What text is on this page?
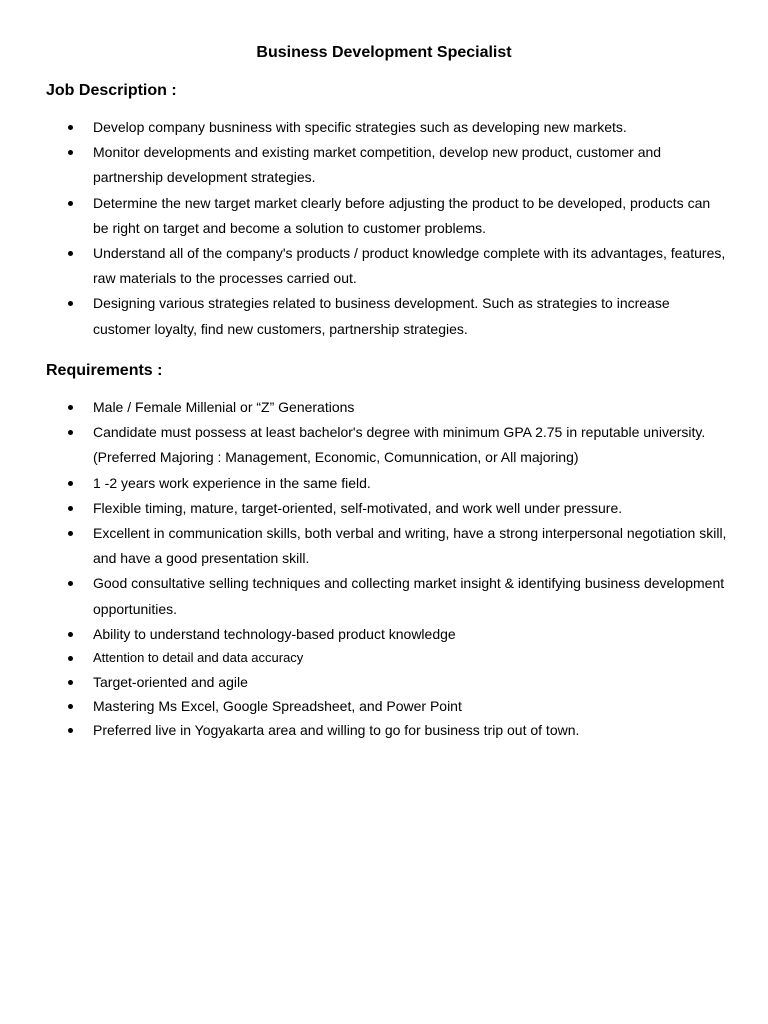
Business Development Specialist
Job Description :
Develop company busniness with specific strategies such as developing new markets.
Monitor developments and existing market competition, develop new product, customer and partnership development strategies.
Determine the new target market clearly before adjusting the product to be developed, products can be right on target and become a solution to customer problems.
Understand all of the company's products / product knowledge complete with its advantages, features, raw materials to the processes carried out.
Designing various strategies related to business development. Such as strategies to increase customer loyalty, find new customers, partnership strategies.
Requirements :
Male / Female Millenial or “Z” Generations
Candidate must possess at least bachelor's degree with minimum GPA 2.75 in reputable university. (Preferred Majoring : Management, Economic, Comunnication, or All majoring)
1 -2 years work experience in the same field.
Flexible timing, mature, target-oriented, self-motivated, and work well under pressure.
Excellent in communication skills, both verbal and writing, have a strong interpersonal negotiation skill, and have a good presentation skill.
Good consultative selling techniques and collecting market insight & identifying business development opportunities.
Ability to understand technology-based product knowledge
Attention to detail and data accuracy
Target-oriented and agile
Mastering Ms Excel, Google Spreadsheet, and Power Point
Preferred live in Yogyakarta area and willing to go for business trip out of town.
